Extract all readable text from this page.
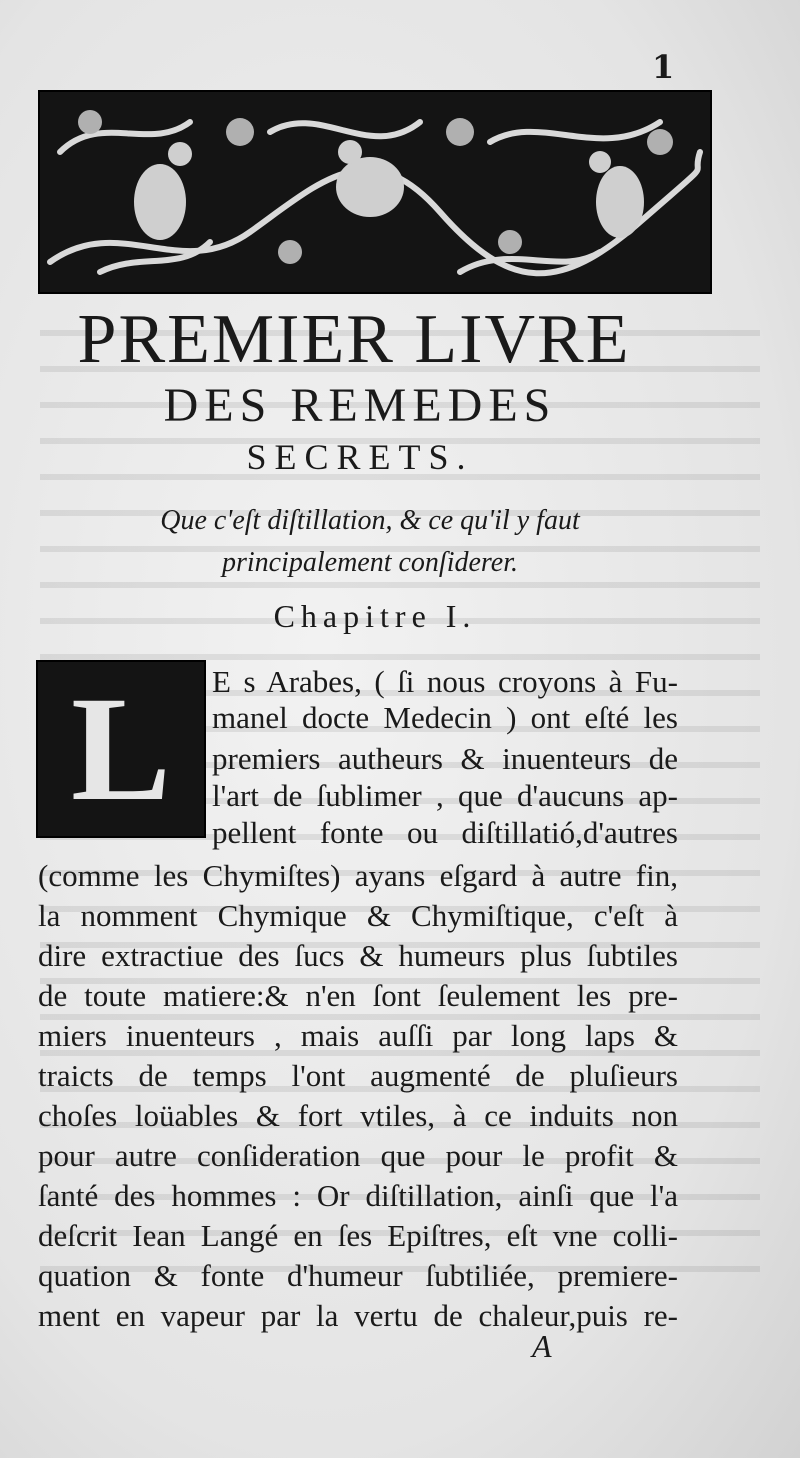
1
PREMIER LIVRE
DES REMEDES
SECRETS.
Que c'eſt diſtillation, & ce qu'il y faut
principalement conſiderer.
Chapitre I.
L E s Arabes, ( ſi nous croyons à Fu-
manel docte Medecin ) ont eſté les
premiers autheurs & inuenteurs de
l'art de ſublimer , que d'aucuns ap-
pellent fonte ou diſtillatió,d'autres
(comme les Chymiſtes) ayans eſgard à autre fin,
la nomment Chymique & Chymiſtique, c'eſt à
dire extractiue des ſucs & humeurs plus ſubtiles
de toute matiere:& n'en ſont ſeulement les pre-
miers inuenteurs , mais auſſi par long laps &
traicts de temps l'ont augmenté de pluſieurs
choſes loüables & fort vtiles, à ce induits non
pour autre conſideration que pour le profit &
ſanté des hommes : Or diſtillation, ainſi que l'a
deſcrit Iean Langé en ſes Epiſtres, eſt vne colli-
quation & fonte d'humeur ſubtiliée, premiere-
ment en vapeur par la vertu de chaleur,puis re-
A
